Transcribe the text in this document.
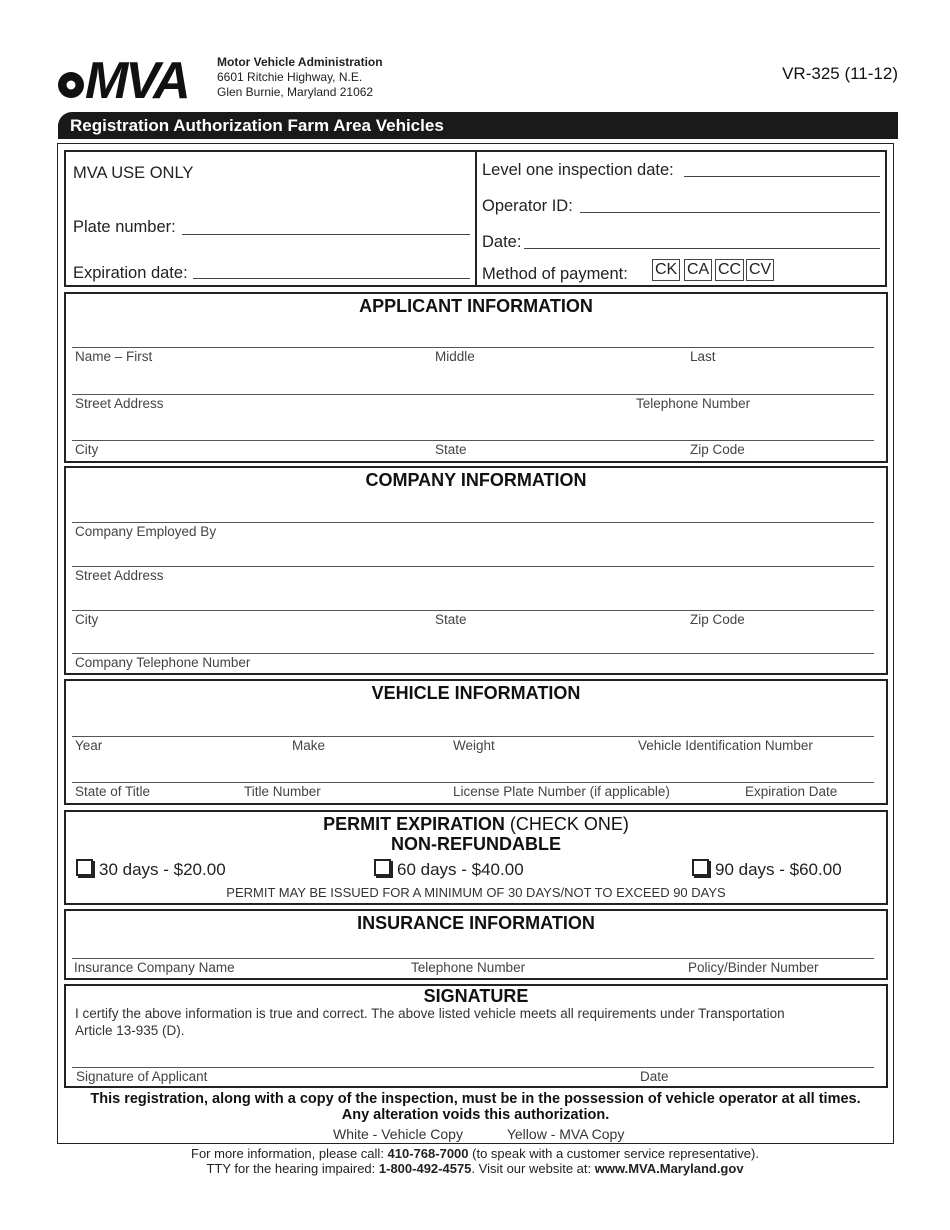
MVA Motor Vehicle Administration
6601 Ritchie Highway, N.E.
Glen Burnie, Maryland 21062
VR-325 (11-12)
Registration Authorization Farm Area Vehicles
MVA USE ONLY
Plate number:
Expiration date:
Level one inspection date:
Operator ID:
Date:
Method of payment: CK CA CC CV
APPLICANT INFORMATION
Name – First	Middle	Last
Street Address	Telephone Number
City	State	Zip Code
COMPANY INFORMATION
Company Employed By
Street Address
City	State	Zip Code
Company Telephone Number
VEHICLE INFORMATION
Year	Make	Weight	Vehicle Identification Number
State of Title	Title Number	License Plate Number (if applicable)	Expiration Date
PERMIT EXPIRATION (CHECK ONE)
NON-REFUNDABLE
30 days - $20.00	60 days - $40.00	90 days - $60.00
PERMIT MAY BE ISSUED FOR A MINIMUM OF 30 DAYS/NOT TO EXCEED 90 DAYS
INSURANCE INFORMATION
Insurance Company Name	Telephone Number	Policy/Binder Number
SIGNATURE
I certify the above information is true and correct. The above listed vehicle meets all requirements under Transportation
Article 13-935 (D).
Signature of Applicant	Date
This registration, along with a copy of the inspection, must be in the possession of vehicle operator at all times.
Any alteration voids this authorization.
White - Vehicle Copy	Yellow - MVA Copy
For more information, please call: 410-768-7000 (to speak with a customer service representative).
TTY for the hearing impaired: 1-800-492-4575. Visit our website at: www.MVA.Maryland.gov
